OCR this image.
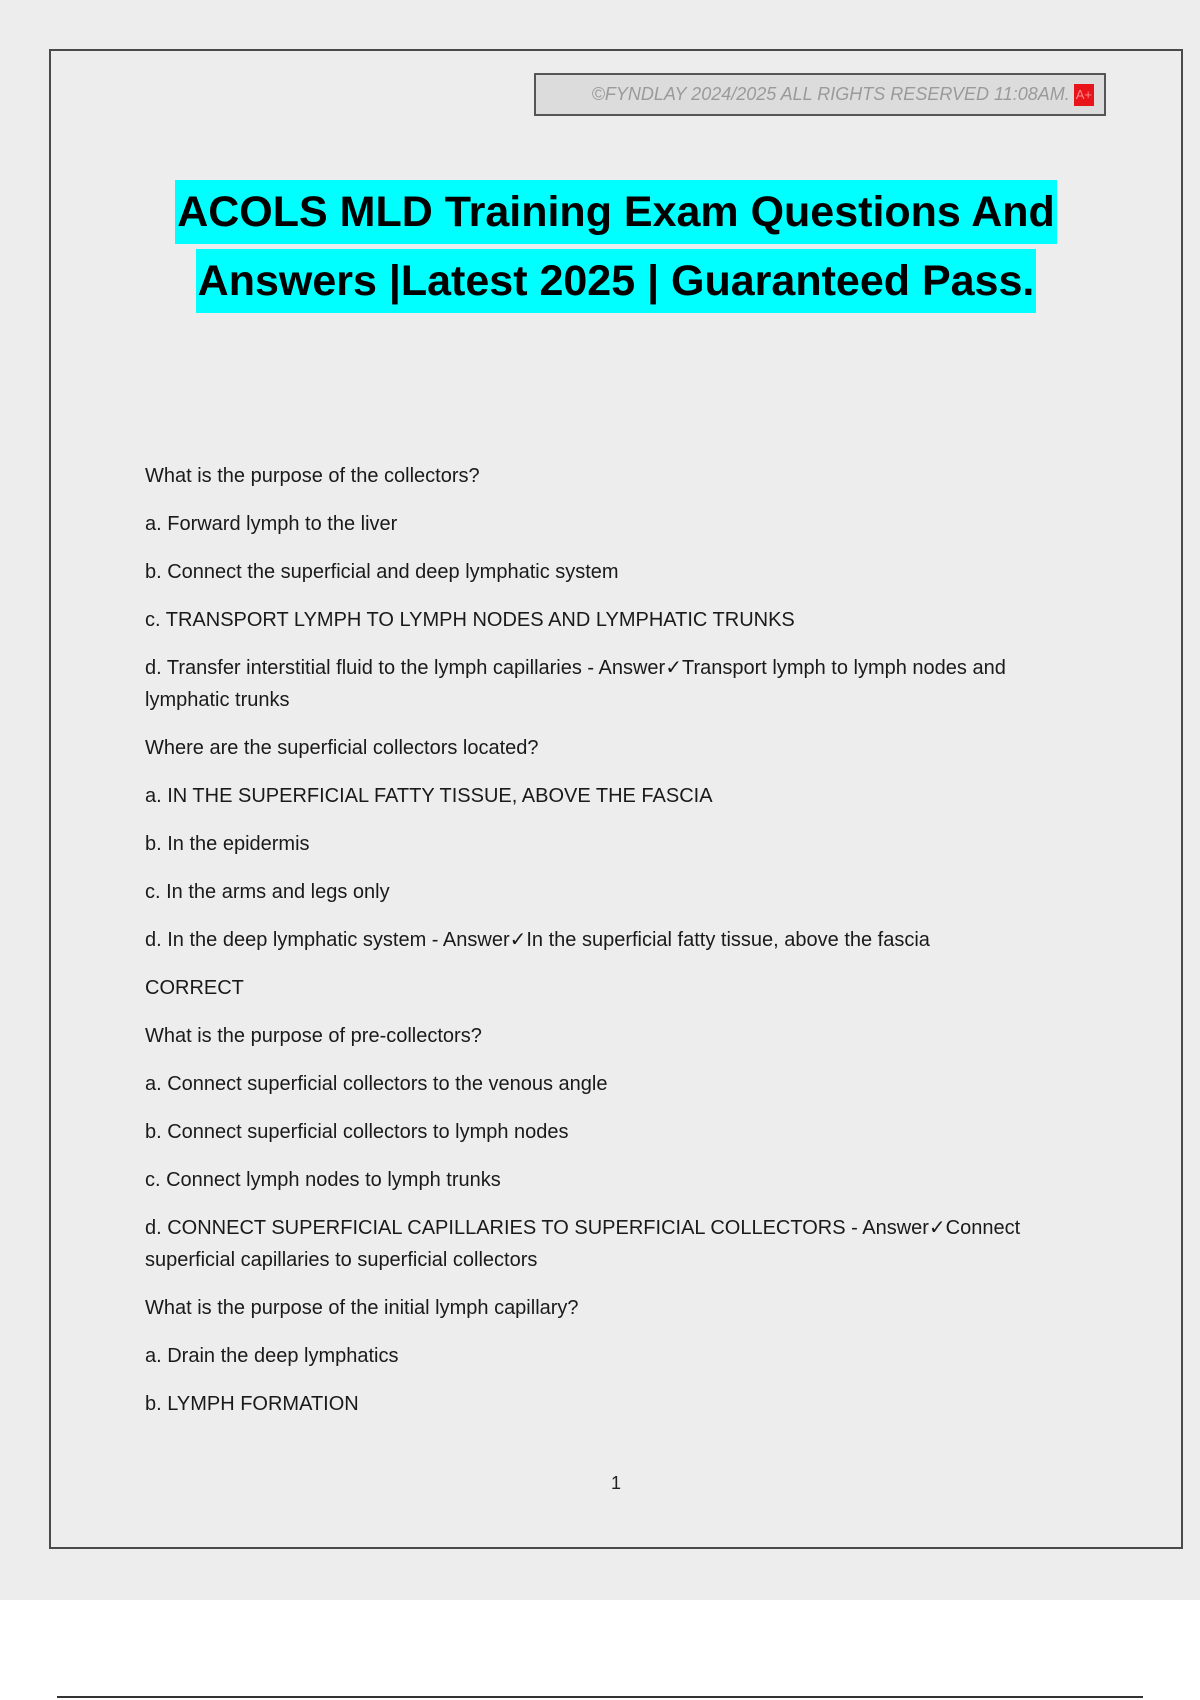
©FYNDLAY 2024/2025 ALL RIGHTS RESERVED 11:08AM. A+
ACOLS MLD Training Exam Questions And
Answers |Latest 2025 | Guaranteed Pass.

What is the purpose of the collectors?

a. Forward lymph to the liver

b. Connect the superficial and deep lymphatic system

c. TRANSPORT LYMPH TO LYMPH NODES AND LYMPHATIC TRUNKS

d. Transfer interstitial fluid to the lymph capillaries - Answer✓Transport lymph to lymph nodes and lymphatic trunks

Where are the superficial collectors located?

a. IN THE SUPERFICIAL FATTY TISSUE, ABOVE THE FASCIA

b. In the epidermis

c. In the arms and legs only

d. In the deep lymphatic system - Answer✓In the superficial fatty tissue, above the fascia

CORRECT

What is the purpose of pre-collectors?

a. Connect superficial collectors to the venous angle

b. Connect superficial collectors to lymph nodes

c. Connect lymph nodes to lymph trunks

d. CONNECT SUPERFICIAL CAPILLARIES TO SUPERFICIAL COLLECTORS - Answer✓Connect superficial capillaries to superficial collectors

What is the purpose of the initial lymph capillary?

a. Drain the deep lymphatics

b. LYMPH FORMATION

1
